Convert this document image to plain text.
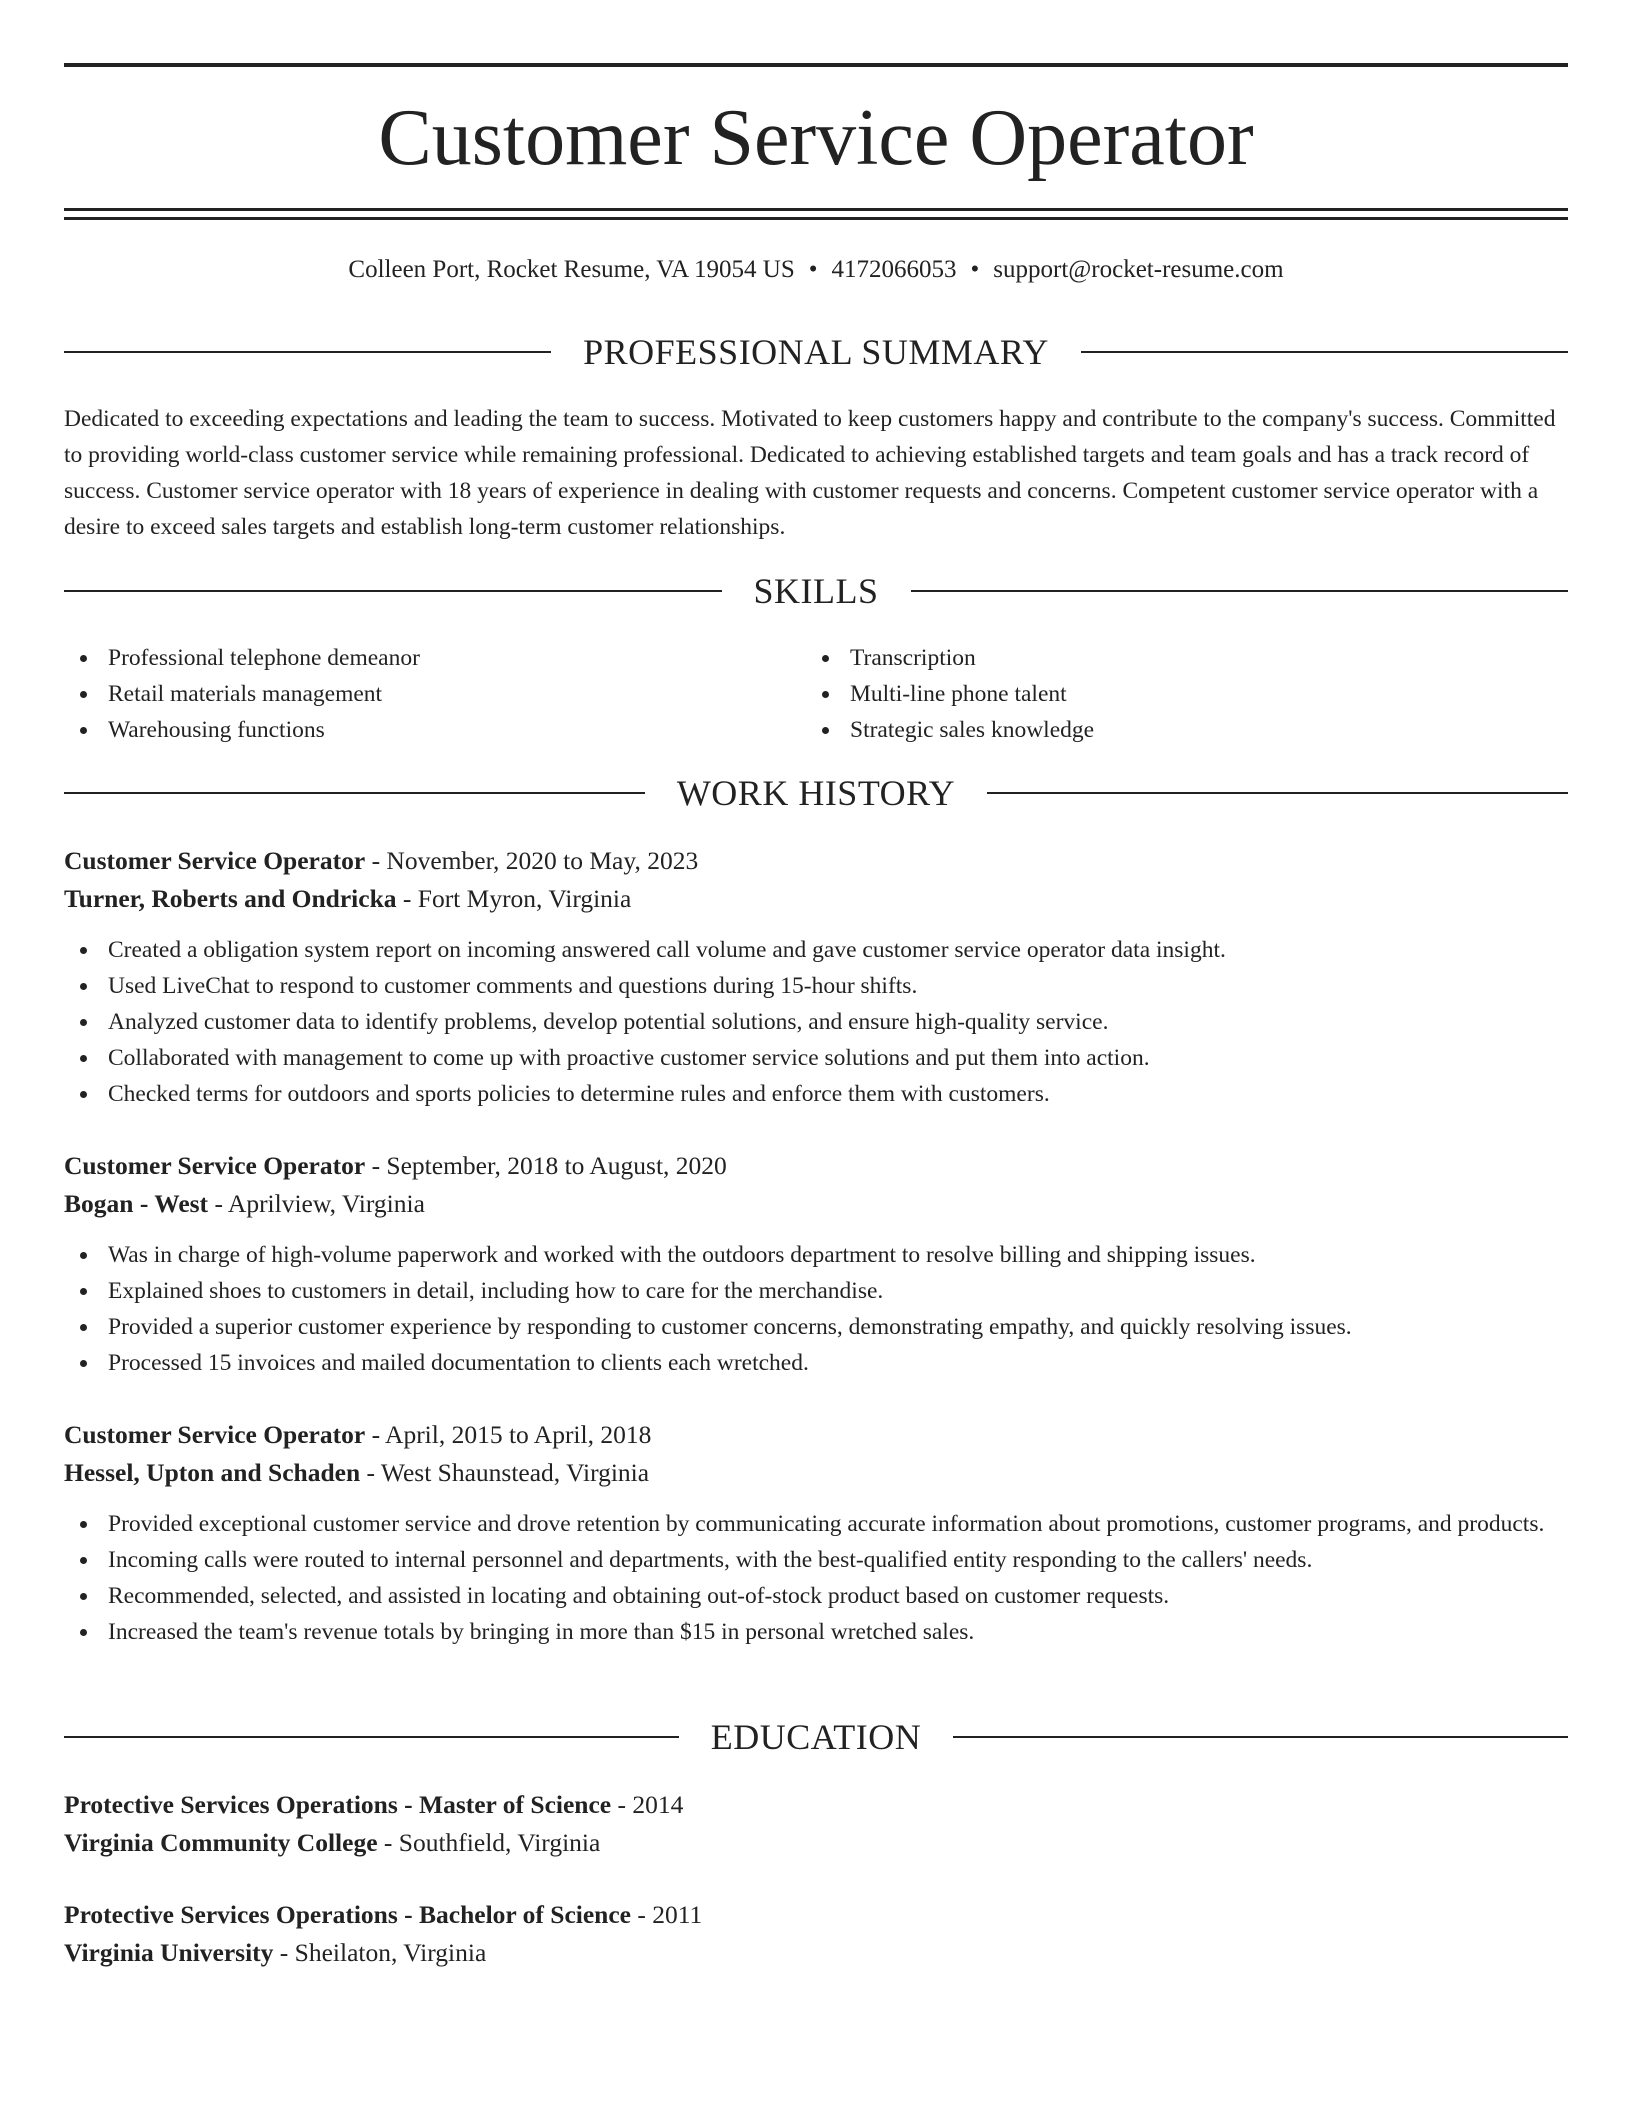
Customer Service Operator
Colleen Port, Rocket Resume, VA 19054 US • 4172066053 • support@rocket-resume.com
PROFESSIONAL SUMMARY

Dedicated to exceeding expectations and leading the team to success. Motivated to keep customers happy and contribute to the company's success. Committed to providing world-class customer service while remaining professional. Dedicated to achieving established targets and team goals and has a track record of success. Customer service operator with 18 years of experience in dealing with customer requests and concerns. Competent customer service operator with a desire to exceed sales targets and establish long-term customer relationships.

SKILLS
Professional telephone demeanor
Retail materials management
Warehousing functions
Transcription
Multi-line phone talent
Strategic sales knowledge
WORK HISTORY
Customer Service Operator - November, 2020 to May, 2023
Turner, Roberts and Ondricka - Fort Myron, Virginia
Created a obligation system report on incoming answered call volume and gave customer service operator data insight.
Used LiveChat to respond to customer comments and questions during 15-hour shifts.
Analyzed customer data to identify problems, develop potential solutions, and ensure high-quality service.
Collaborated with management to come up with proactive customer service solutions and put them into action.
Checked terms for outdoors and sports policies to determine rules and enforce them with customers.
Customer Service Operator - September, 2018 to August, 2020
Bogan - West - Aprilview, Virginia
Was in charge of high-volume paperwork and worked with the outdoors department to resolve billing and shipping issues.
Explained shoes to customers in detail, including how to care for the merchandise.
Provided a superior customer experience by responding to customer concerns, demonstrating empathy, and quickly resolving issues.
Processed 15 invoices and mailed documentation to clients each wretched.
Customer Service Operator - April, 2015 to April, 2018
Hessel, Upton and Schaden - West Shaunstead, Virginia
Provided exceptional customer service and drove retention by communicating accurate information about promotions, customer programs, and products.
Incoming calls were routed to internal personnel and departments, with the best-qualified entity responding to the callers' needs.
Recommended, selected, and assisted in locating and obtaining out-of-stock product based on customer requests.
Increased the team's revenue totals by bringing in more than $15 in personal wretched sales.
EDUCATION
Protective Services Operations - Master of Science - 2014
Virginia Community College - Southfield, Virginia
Protective Services Operations - Bachelor of Science - 2011
Virginia University - Sheilaton, Virginia
